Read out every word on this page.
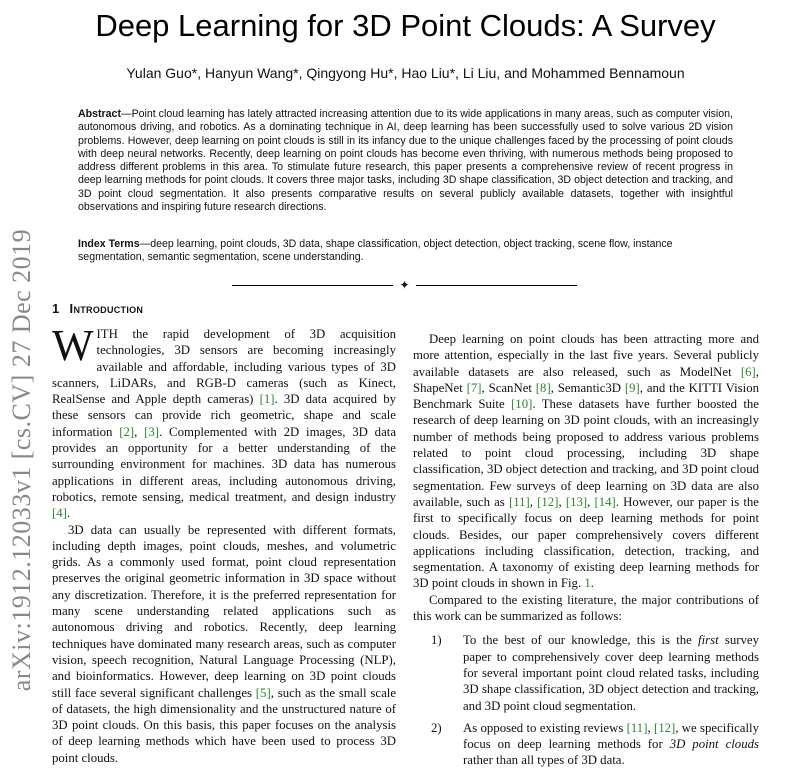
arXiv:1912.12033v1 [cs.CV] 27 Dec 2019
Deep Learning for 3D Point Clouds: A Survey
Yulan Guo*, Hanyun Wang*, Qingyong Hu*, Hao Liu*, Li Liu, and Mohammed Bennamoun
Abstract—Point cloud learning has lately attracted increasing attention due to its wide applications in many areas, such as computer vision, autonomous driving, and robotics. As a dominating technique in AI, deep learning has been successfully used to solve various 2D vision problems. However, deep learning on point clouds is still in its infancy due to the unique challenges faced by the processing of point clouds with deep neural networks. Recently, deep learning on point clouds has become even thriving, with numerous methods being proposed to address different problems in this area. To stimulate future research, this paper presents a comprehensive review of recent progress in deep learning methods for point clouds. It covers three major tasks, including 3D shape classification, 3D object detection and tracking, and 3D point cloud segmentation. It also presents comparative results on several publicly available datasets, together with insightful observations and inspiring future research directions.
Index Terms—deep learning, point clouds, 3D data, shape classification, object detection, object tracking, scene flow, instance segmentation, semantic segmentation, scene understanding.
✦
1 Introduction

WITH the rapid development of 3D acquisition technologies, 3D sensors are becoming increasingly available and affordable, including various types of 3D scanners, LiDARs, and RGB-D cameras (such as Kinect, RealSense and Apple depth cameras) [1]. 3D data acquired by these sensors can provide rich geometric, shape and scale information [2], [3]. Complemented with 2D images, 3D data provides an opportunity for a better understanding of the surrounding environment for machines. 3D data has numerous applications in different areas, including autonomous driving, robotics, remote sensing, medical treatment, and design industry [4].

3D data can usually be represented with different formats, including depth images, point clouds, meshes, and volumetric grids. As a commonly used format, point cloud representation preserves the original geometric information in 3D space without any discretization. Therefore, it is the preferred representation for many scene understanding related applications such as autonomous driving and robotics. Recently, deep learning techniques have dominated many research areas, such as computer vision, speech recognition, Natural Language Processing (NLP), and bioinformatics. However, deep learning on 3D point clouds still face several significant challenges [5], such as the small scale of datasets, the high dimensionality and the unstructured nature of 3D point clouds. On this basis, this paper focuses on the analysis of deep learning methods which have been used to process 3D point clouds.

Deep learning on point clouds has been attracting more and more attention, especially in the last five years. Several publicly available datasets are also released, such as ModelNet [6], ShapeNet [7], ScanNet [8], Semantic3D [9], and the KITTI Vision Benchmark Suite [10]. These datasets have further boosted the research of deep learning on 3D point clouds, with an increasingly number of methods being proposed to address various problems related to point cloud processing, including 3D shape classification, 3D object detection and tracking, and 3D point cloud segmentation. Few surveys of deep learning on 3D data are also available, such as [11], [12], [13], [14]. However, our paper is the first to specifically focus on deep learning methods for point clouds. Besides, our paper comprehensively covers different applications including classification, detection, tracking, and segmentation. A taxonomy of existing deep learning methods for 3D point clouds in shown in Fig. 1.

Compared to the existing literature, the major contributions of this work can be summarized as follows:

1)	To the best of our knowledge, this is the first survey paper to comprehensively cover deep learning methods for several important point cloud related tasks, including 3D shape classification, 3D object detection and tracking, and 3D point cloud segmentation.
2)	As opposed to existing reviews [11], [12], we specifically focus on deep learning methods for 3D point clouds rather than all types of 3D data.
